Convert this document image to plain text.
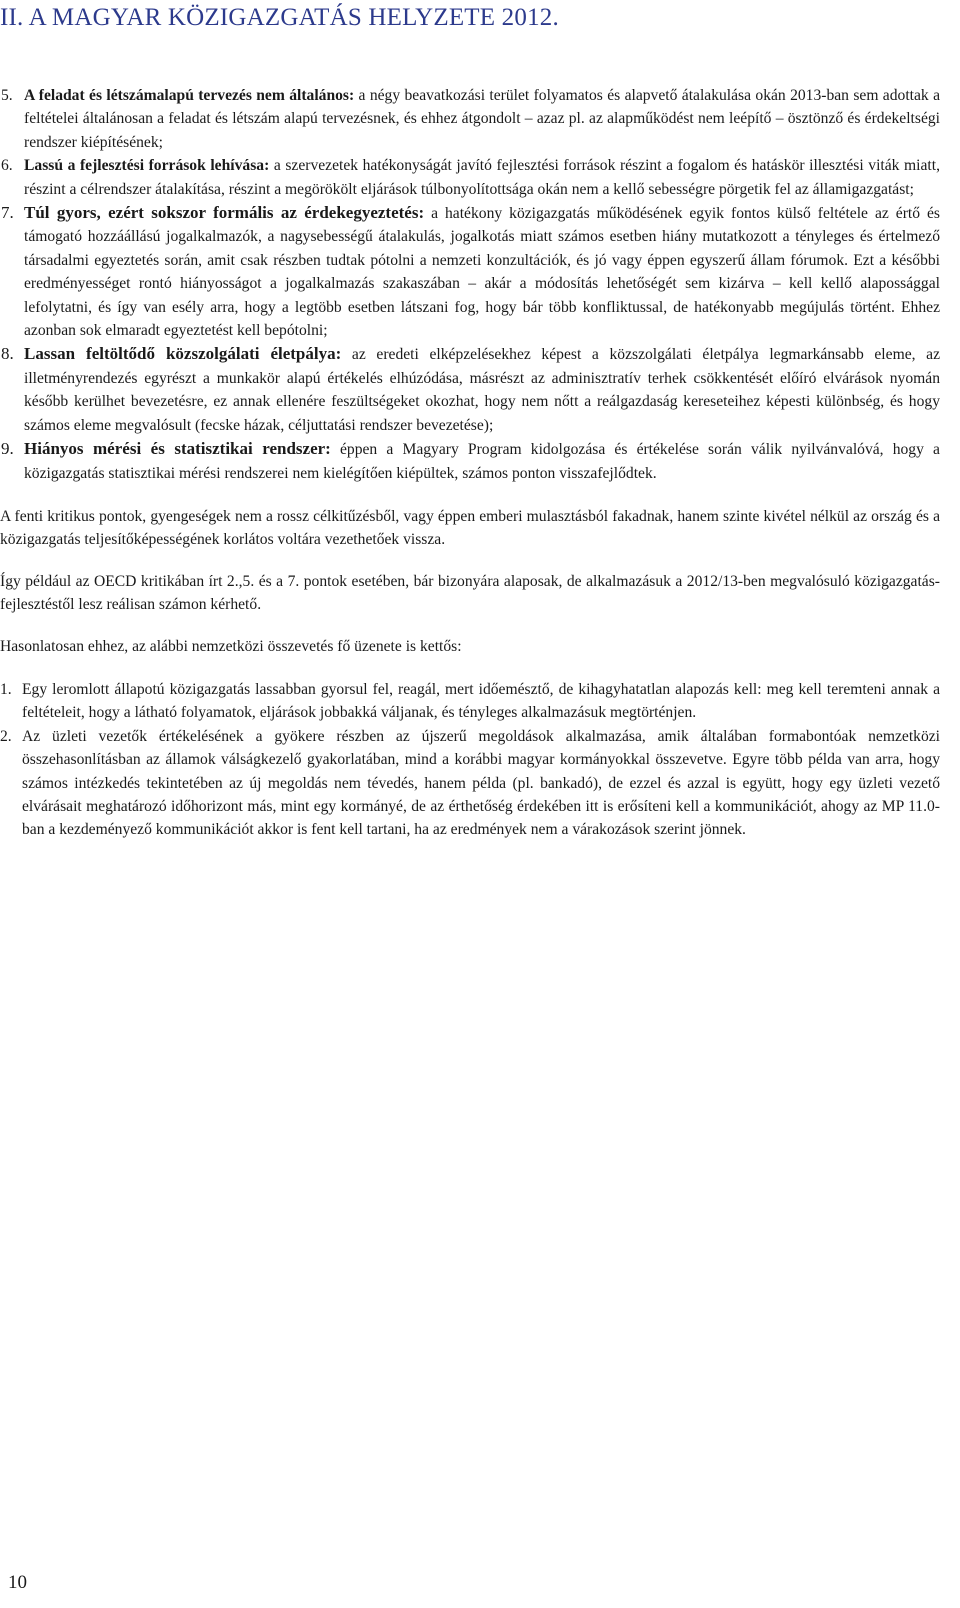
II. A MAGYAR KÖZIGAZGATÁS HELYZETE 2012.
5. A feladat és létszámalapú tervezés nem általános: a négy beavatkozási terület folyamatos és alapvető átalakulása okán 2013-ban sem adottak a feltételei általánosan a feladat és létszám alapú tervezésnek, és ehhez átgondolt – azaz pl. az alapműködést nem leépítő – ösztönző és érdekeltségi rendszer kiépítésének;
6. Lassú a fejlesztési források lehívása: a szervezetek hatékonyságát javító fejlesztési források részint a fogalom és hatáskör illesztési viták miatt, részint a célrendszer átalakítása, részint a megörökölt eljárások túlbonyolítottsága okán nem a kellő sebességre pörgetik fel az államigazgatást;
7. Túl gyors, ezért sokszor formális az érdekegyeztetés: a hatékony közigazgatás működésének egyik fontos külső feltétele az értő és támogató hozzáállású jogalkalmazók, a nagysebességű átalakulás, jogalkotás miatt számos esetben hiány mutatkozott a tényleges és értelmező társadalmi egyeztetés során, amit csak részben tudtak pótolni a nemzeti konzultációk, és jó vagy éppen egyszerű állam fórumok. Ezt a későbbi eredményességet rontó hiányosságot a jogalkalmazás szakaszában – akár a módosítás lehetőségét sem kizárva – kell kellő alapossággal lefolytatni, és így van esély arra, hogy a legtöbb esetben látszani fog, hogy bár több konfliktussal, de hatékonyabb megújulás történt. Ehhez azonban sok elmaradt egyeztetést kell bepótolni;
8. Lassan feltöltődő közszolgálati életpálya: az eredeti elképzelésekhez képest a közszolgálati életpálya legmarkánsabb eleme, az illetményrendezés egyrészt a munkakör alapú értékelés elhúzódása, másrészt az adminisztratív terhek csökkentését előíró elvárások nyomán később kerülhet bevezetésre, ez annak ellenére feszültségeket okozhat, hogy nem nőtt a reálgazdaság kereseteihez képesti különbség, és hogy számos eleme megvalósult (fecske házak, céljuttatási rendszer bevezetése);
9. Hiányos mérési és statisztikai rendszer: éppen a Magyary Program kidolgozása és értékelése során válik nyilvánvalóvá, hogy a közigazgatás statisztikai mérési rendszerei nem kielégítően kiépültek, számos ponton visszafejlődtek.

A fenti kritikus pontok, gyengeségek nem a rossz célkitűzésből, vagy éppen emberi mulasztásból fakadnak, hanem szinte kivétel nélkül az ország és a közigazgatás teljesítőképességének korlátos voltára vezethetőek vissza.

Így például az OECD kritikában írt 2.,5. és a 7. pontok esetében, bár bizonyára alaposak, de alkalmazásuk a 2012/13-ben megvalósuló közigazgatás-fejlesztéstől lesz reálisan számon kérhető.

Hasonlatosan ehhez, az alábbi nemzetközi összevetés fő üzenete is kettős:

1. Egy leromlott állapotú közigazgatás lassabban gyorsul fel, reagál, mert időemésztő, de kihagyhatatlan alapozás kell: meg kell teremteni annak a feltételeit, hogy a látható folyamatok, eljárások jobbakká váljanak, és tényleges alkalmazásuk megtörténjen.
2. Az üzleti vezetők értékelésének a gyökere részben az újszerű megoldások alkalmazása, amik általában formabontóak nemzetközi összehasonlításban az államok válságkezelő gyakorlatában, mind a korábbi magyar kormányokkal összevetve. Egyre több példa van arra, hogy számos intézkedés tekintetében az új megoldás nem tévedés, hanem példa (pl. bankadó), de ezzel és azzal is együtt, hogy egy üzleti vezető elvárásait meghatározó időhorizont más, mint egy kormányé, de az érthetőség érdekében itt is erősíteni kell a kommunikációt, ahogy az MP 11.0-ban a kezdeményező kommunikációt akkor is fent kell tartani, ha az eredmények nem a várakozások szerint jönnek.
10
